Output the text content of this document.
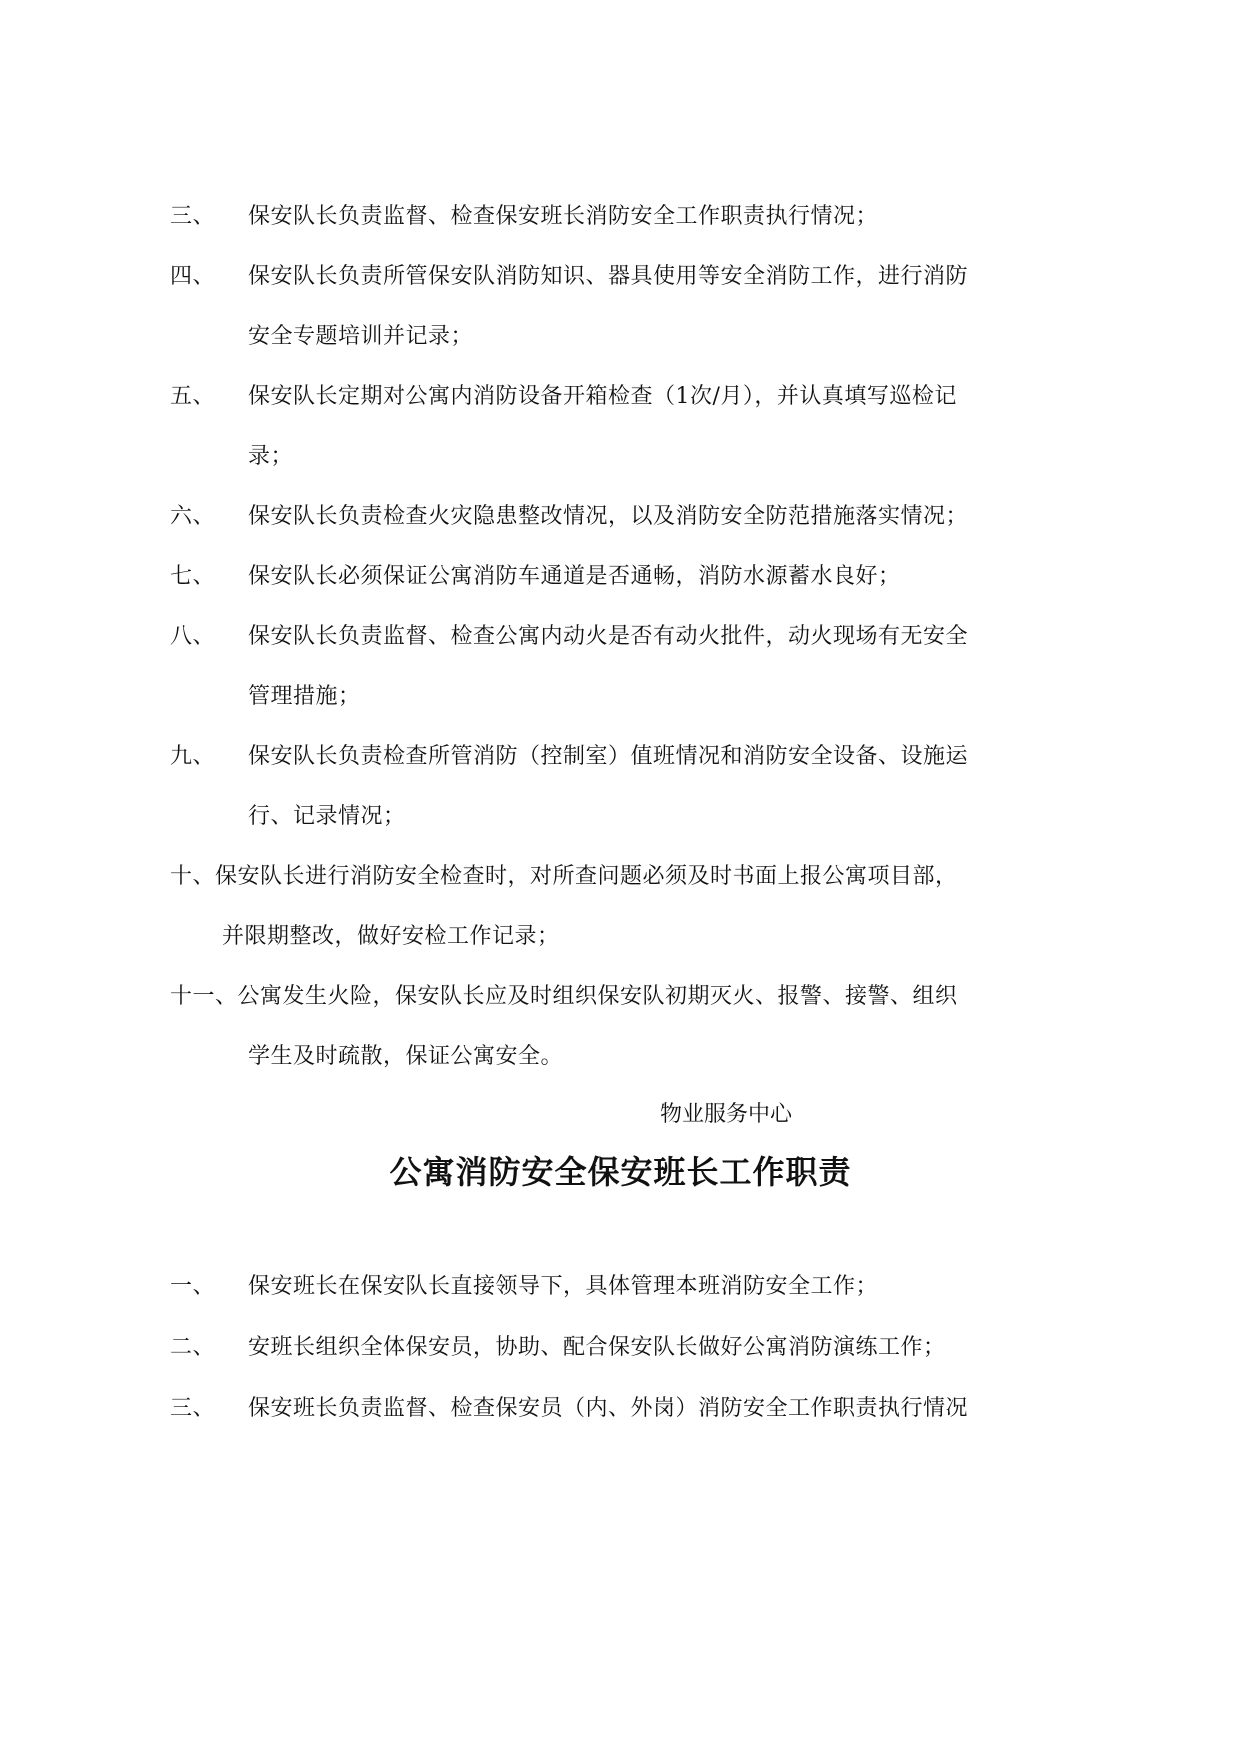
三、 保安队长负责监督、检查保安班长消防安全工作职责执行情况；
四、 保安队长负责所管保安队消防知识、器具使用等安全消防工作，进行消防
安全专题培训并记录；
五、 保安队长定期对公寓内消防设备开箱检查（1次/月），并认真填写巡检记
录；
六、 保安队长负责检查火灾隐患整改情况，以及消防安全防范措施落实情况；
七、 保安队长必须保证公寓消防车通道是否通畅，消防水源蓄水良好；
八、 保安队长负责监督、检查公寓内动火是否有动火批件，动火现场有无安全
管理措施；
九、 保安队长负责检查所管消防（控制室）值班情况和消防安全设备、设施运
行、记录情况；
十、保安队长进行消防安全检查时，对所查问题必须及时书面上报公寓项目部，
并限期整改，做好安检工作记录；
十一、公寓发生火险，保安队长应及时组织保安队初期灭火、报警、接警、组织
学生及时疏散，保证公寓安全。
物业服务中心
公寓消防安全保安班长工作职责
一、 保安班长在保安队长直接领导下，具体管理本班消防安全工作；
二、 安班长组织全体保安员，协助、配合保安队长做好公寓消防演练工作；
三、 保安班长负责监督、检查保安员（内、外岗）消防安全工作职责执行情况
